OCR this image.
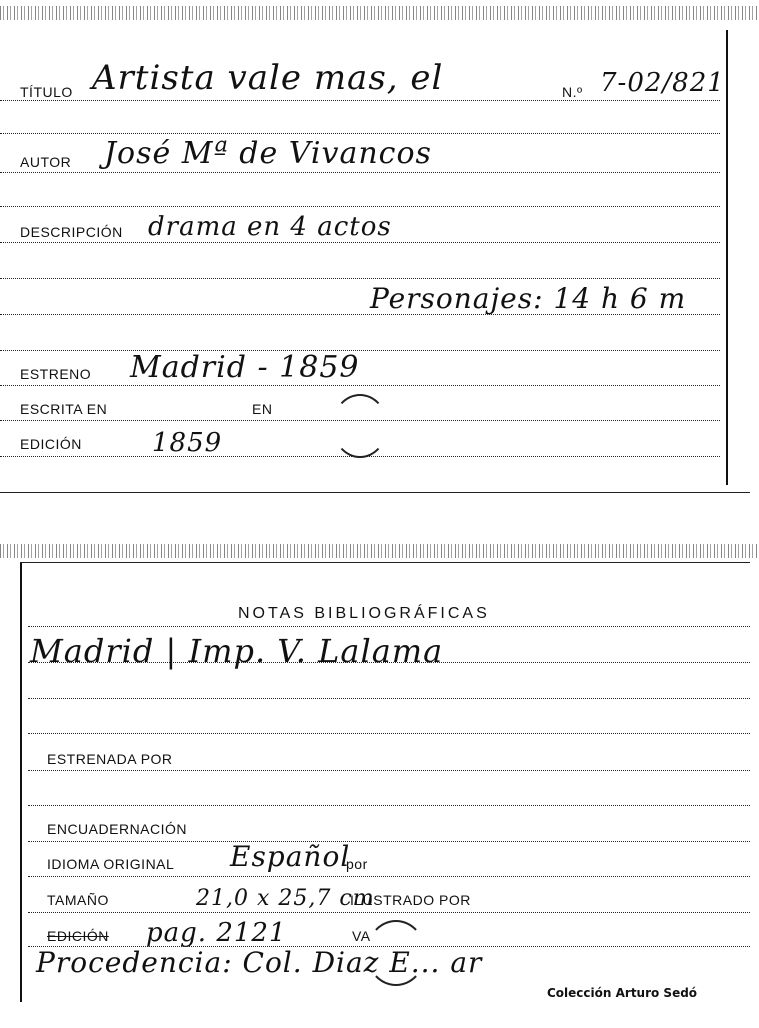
TÍTULO Artista vale mas, el	N.º 7-02/821
AUTOR José Mª de Vivancos
DESCRIPCIÓN drama en 4 actos
Personajes: 14 h 6 m
ESTRENO Madrid - 1859
ESCRITA EN	EN
EDICIÓN	1859
NOTAS BIBLIOGRÁFICAS
Madrid | Imp. V. Lalama
ESTRENADA POR
ENCUADERNACIÓN
IDIOMA ORIGINAL Español
por
TAMAÑO	21,0 x 25,7 cm
ILUSTRADO POR
EDICIÓN pag. 2121	VA
Procedencia: Col. Diaz E... ar
Colección Arturo Sedó
